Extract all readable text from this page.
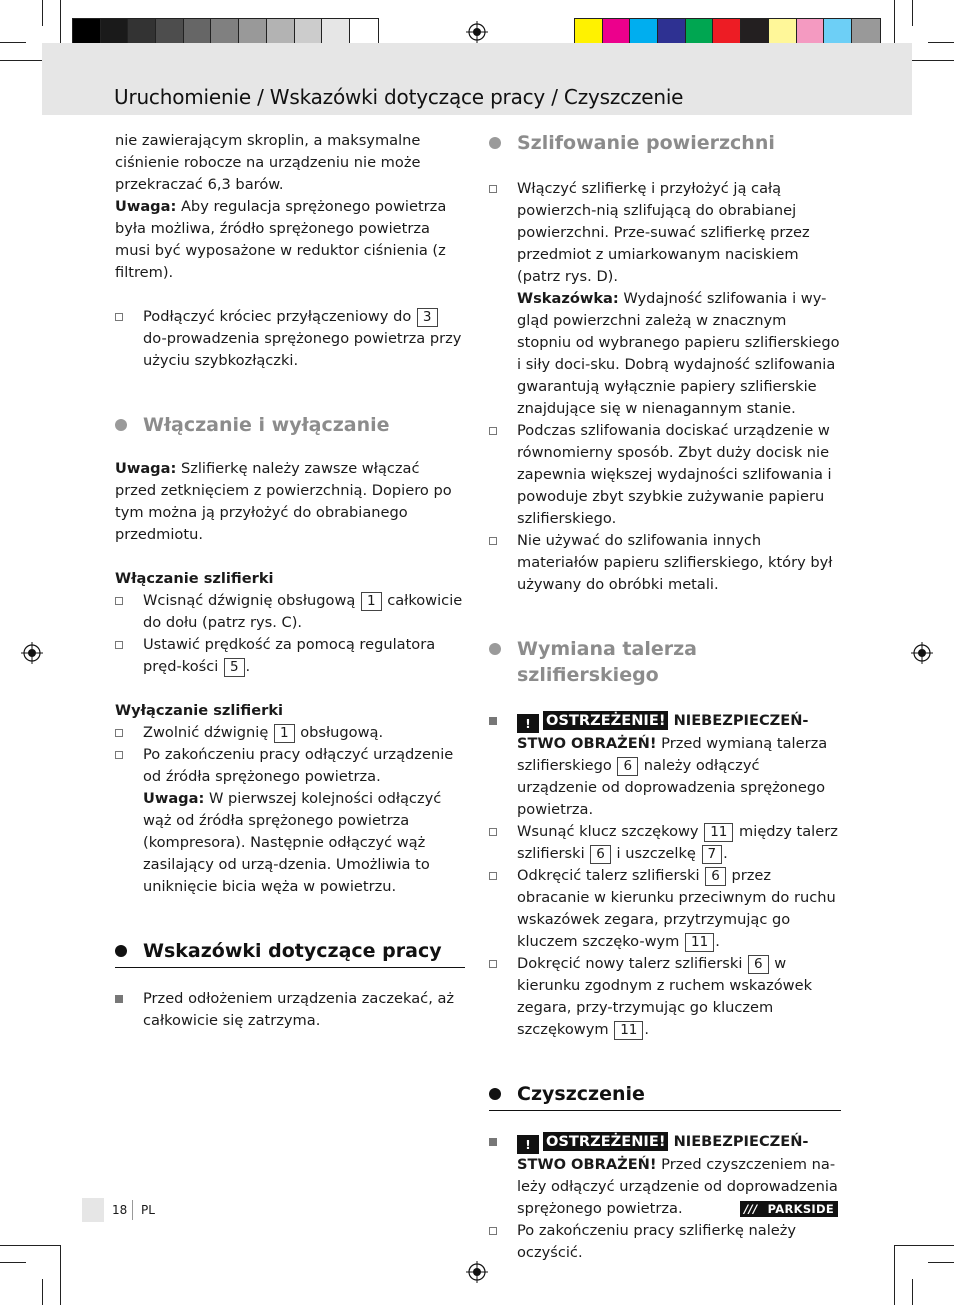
Uruchomienie / Wskazówki dotyczące pracy / Czyszczenie

nie zawierającym skroplin, a maksymalne ciśnienie robocze na urządzeniu nie może przekraczać 6,3 barów.

Uwaga: Aby regulacja sprężonego powietrza była możliwa, źródło sprężonego powietrza musi być wyposażone w reduktor ciśnienia (z filtrem).

Podłączyć króciec przyłączeniowy do 3 do-prowadzenia sprężonego powietrza przy użyciu szybkozłączki.
Włączanie i wyłączanie

Uwaga: Szlifierkę należy zawsze włączać przed zetknięciem z powierzchnią. Dopiero po tym można ją przyłożyć do obrabianego przedmiotu.

Włączanie szlifierki

Wcisnąć dźwignię obsługową 1 całkowicie do dołu (patrz rys. C).
Ustawić prędkość za pomocą regulatora pręd-kości 5 .

Wyłączanie szlifierki

Zwolnić dźwignię 1 obsługową.
Po zakończeniu pracy odłączyć urządzenie od źródła sprężonego powietrza.
Uwaga: W pierwszej kolejności odłączyć wąż od źródła sprężonego powietrza (kompresora). Następnie odłączyć wąż zasilający od urzą-dzenia. Umożliwia to uniknięcie bicia węża w powietrzu.
Wskazówki dotyczące pracy
Przed odłożeniem urządzenia zaczekać, aż całkowicie się zatrzyma.
Szlifowanie powierzchni
Włączyć szlifierkę i przyłożyć ją całą powierzch-nią szlifującą do obrabianej powierzchni. Prze-suwać szlifierkę przez przedmiot z umiarkowanym naciskiem (patrz rys. D).
Wskazówka: Wydajność szlifowania i wy-gląd powierzchni zależą w znacznym stopniu od wybranego papieru szlifierskiego i siły doci-sku. Dobrą wydajność szlifowania gwarantują wyłącznie papiery szlifierskie znajdujące się w nienagannym stanie.
Podczas szlifowania dociskać urządzenie w równomierny sposób. Zbyt duży docisk nie zapewnia większej wydajności szlifowania i powoduje zbyt szybkie zużywanie papieru szlifierskiego.
Nie używać do szlifowania innych materiałów papieru szlifierskiego, który był używany do obróbki metali.
Wymiana talerza szlifierskiego
! OSTRZEŻENIE! NIEBEZPIECZEŃ-STWO OBRAŻEŃ! Przed wymianą talerza szlifierskiego 6 należy odłączyć urządzenie od doprowadzenia sprężonego powietrza.
Wsunąć klucz szczękowy 11 między talerz szlifierski 6 i uszczelkę 7 .
Odkręcić talerz szlifierski 6 przez obracanie w kierunku przeciwnym do ruchu wskazówek zegara, przytrzymując go kluczem szczęko-wym 11 .
Dokręcić nowy talerz szlifierski 6 w kierunku zgodnym z ruchem wskazówek zegara, przy-trzymując go kluczem szczękowym 11 .
Czyszczenie
! OSTRZEŻENIE! NIEBEZPIECZEŃ-STWO OBRAŻEŃ! Przed czyszczeniem na-leży odłączyć urządzenie od doprowadzenia sprężonego powietrza.
Po zakończeniu pracy szlifierkę należy oczyścić.
18 PL	/// PARKSIDE
